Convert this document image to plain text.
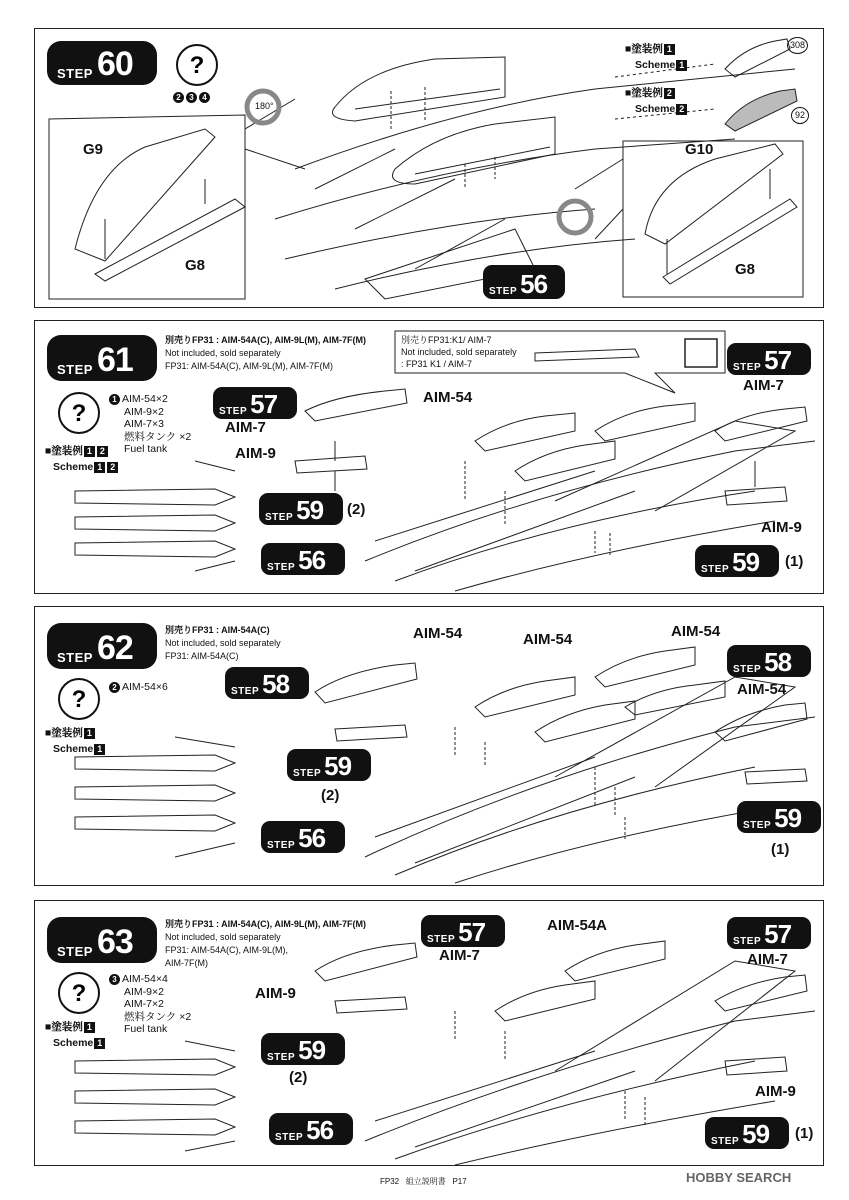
STEP 60 ?
2 3 4
G9
G8
G10
G8
180°
■塗装例 1
Scheme 1
■塗装例 2
Scheme 2
308
92
STEP 56
STEP 61
別売りFP31 : AIM-54A(C), AIM-9L(M), AIM-7F(M)
Not included, sold separately
FP31: AIM-54A(C), AIM-9L(M), AIM-7F(M)
別売りFP31:K1/ AIM-7
Not included, sold separately
: FP31 K1 / AIM-7
?
1 AIM-54×2
AIM-9×2
AIM-7×3
燃料タンク ×2
Fuel tank
■塗装例 1 2
Scheme 1 2
STEP 57
AIM-7
AIM-9
AIM-54
STEP 57
AIM-7
AIM-9
STEP 59 (2)
STEP 56	STEP 59 (1)
STEP 62	別売りFP31 : AIM-54A(C)
Not included, sold separately
FP31: AIM-54A(C)
?	2 AIM-54×6
■塗装例 1
Scheme 1
STEP 58
AIM-54	AIM-54	AIM-54
STEP 58
AIM-54
STEP 59
(2)
STEP 56	STEP 59
(1)
STEP 63	別売りFP31 : AIM-54A(C), AIM-9L(M), AIM-7F(M)
Not included, sold separately
FP31: AIM-54A(C), AIM-9L(M),
AIM-7F(M)
?
3 AIM-54×4
AIM-9×2
AIM-7×2
燃料タンク ×2
Fuel tank
■塗装例 1
Scheme 1
STEP 57
AIM-7
AIM-9
AIM-54A
STEP 57
AIM-7
AIM-9
STEP 59
(2)
STEP 56	STEP 59 (1)
FP32 組立説明書 P17	HOBBY SEARCH
